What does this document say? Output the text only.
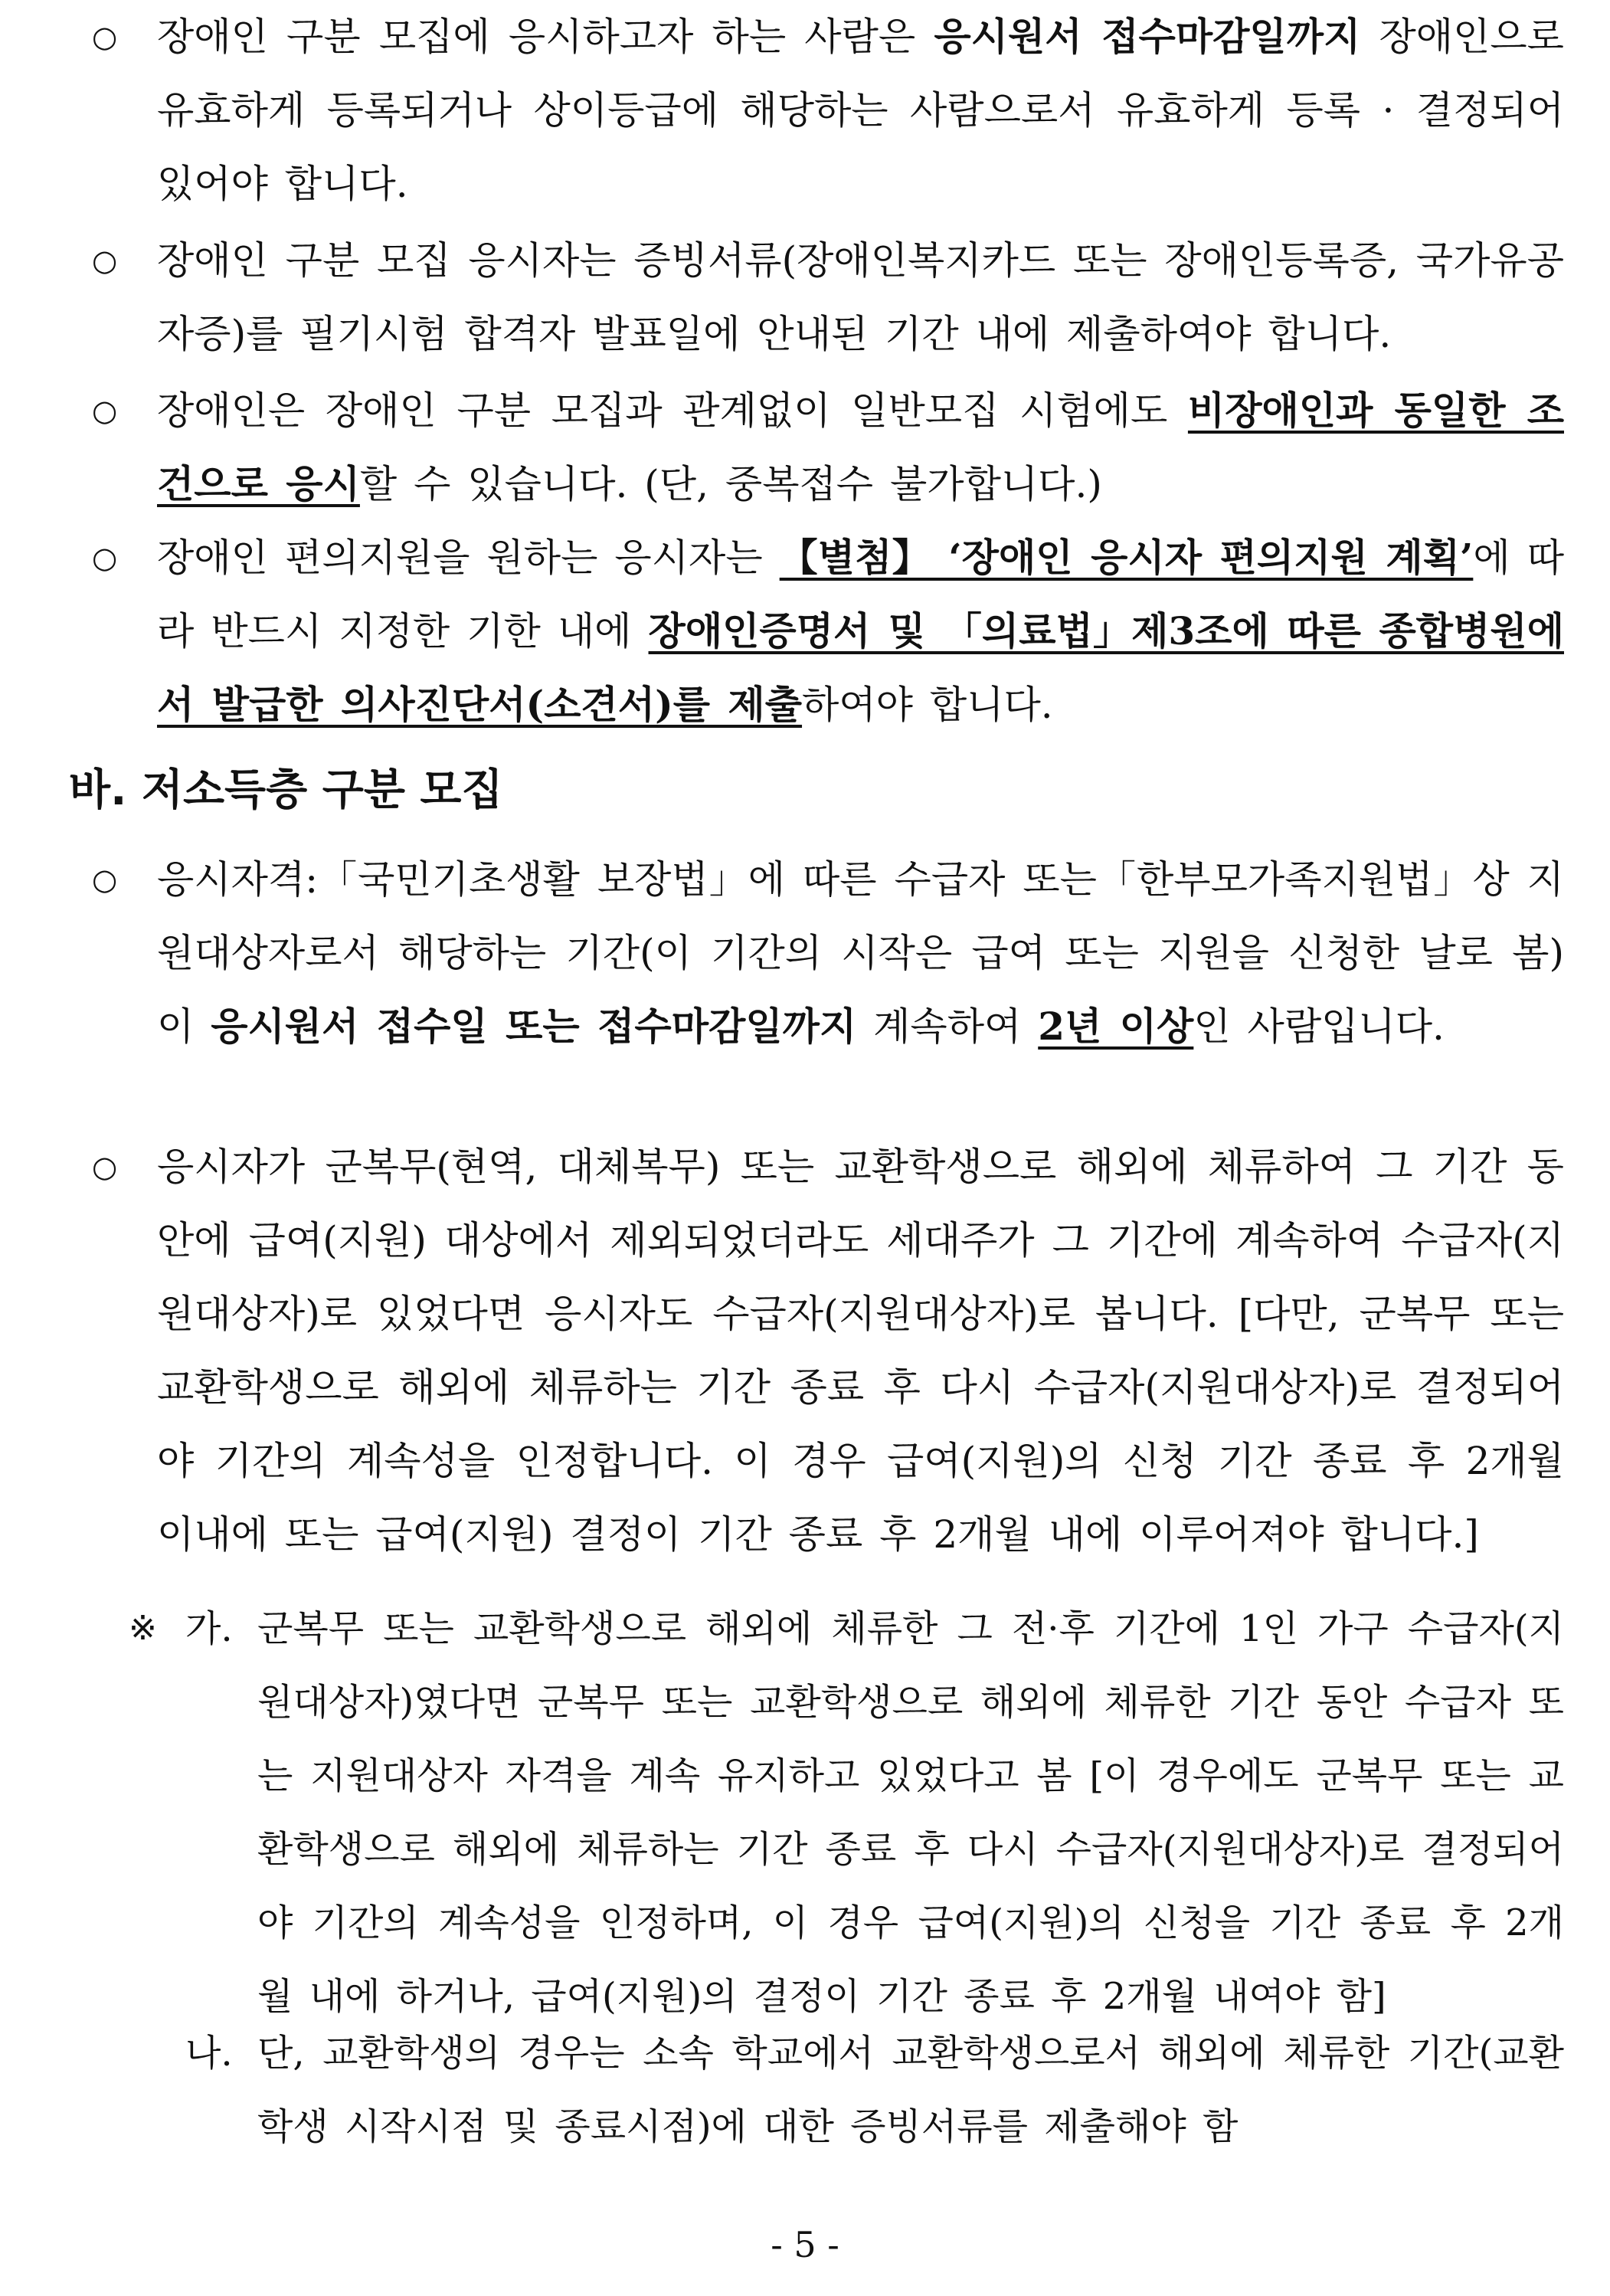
○ 장애인 구분 모집에 응시하고자 하는 사람은 응시원서 접수마감일까지 장애인으로 유효하게 등록되거나 상이등급에 해당하는 사람으로서 유효하게 등록 · 결정되어 있어야 합니다.
○ 장애인 구분 모집 응시자는 증빙서류(장애인복지카드 또는 장애인등록증, 국가유공자증)를 필기시험 합격자 발표일에 안내된 기간 내에 제출하여야 합니다.
○ 장애인은 장애인 구분 모집과 관계없이 일반모집 시험에도 비장애인과 동일한 조건으로 응시할 수 있습니다. (단, 중복접수 불가합니다.)
○ 장애인 편의지원을 원하는 응시자는 【별첨】 ‘장애인 응시자 편의지원 계획’에 따라 반드시 지정한 기한 내에 장애인증명서 및 「의료법」제3조에 따른 종합병원에서 발급한 의사진단서(소견서)를 제출하여야 합니다.
바. 저소득층 구분 모집
○ 응시자격:「국민기초생활 보장법」에 따른 수급자 또는「한부모가족지원법」상 지원대상자로서 해당하는 기간(이 기간의 시작은 급여 또는 지원을 신청한 날로 봄)이 응시원서 접수일 또는 접수마감일까지 계속하여 2년 이상인 사람입니다.
○ 응시자가 군복무(현역, 대체복무) 또는 교환학생으로 해외에 체류하여 그 기간 동안에 급여(지원) 대상에서 제외되었더라도 세대주가 그 기간에 계속하여 수급자(지원대상자)로 있었다면 응시자도 수급자(지원대상자)로 봅니다. [다만, 군복무 또는 교환학생으로 해외에 체류하는 기간 종료 후 다시 수급자(지원대상자)로 결정되어야 기간의 계속성을 인정합니다. 이 경우 급여(지원)의 신청 기간 종료 후 2개월 이내에 또는 급여(지원) 결정이 기간 종료 후 2개월 내에 이루어져야 합니다.]
※ 가. 군복무 또는 교환학생으로 해외에 체류한 그 전·후 기간에 1인 가구 수급자(지원대상자)였다면 군복무 또는 교환학생으로 해외에 체류한 기간 동안 수급자 또는 지원대상자 자격을 계속 유지하고 있었다고 봄 [이 경우에도 군복무 또는 교환학생으로 해외에 체류하는 기간 종료 후 다시 수급자(지원대상자)로 결정되어야 기간의 계속성을 인정하며, 이 경우 급여(지원)의 신청을 기간 종료 후 2개월 내에 하거나, 급여(지원)의 결정이 기간 종료 후 2개월 내여야 함]
나. 단, 교환학생의 경우는 소속 학교에서 교환학생으로서 해외에 체류한 기간(교환학생 시작시점 및 종료시점)에 대한 증빙서류를 제출해야 함
- 5 -
